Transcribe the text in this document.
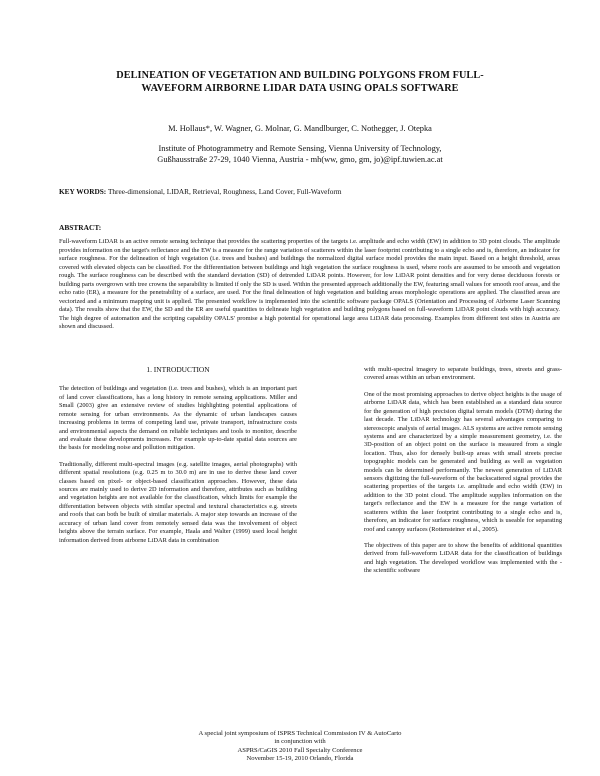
DELINEATION OF VEGETATION AND BUILDING POLYGONS FROM FULL-
WAVEFORM AIRBORNE LIDAR DATA USING OPALS SOFTWARE
M. Hollaus*, W. Wagner, G. Molnar, G. Mandlburger, C. Nothegger, J. Otepka
Institute of Photogrammetry and Remote Sensing, Vienna University of Technology,
Gußhausstraße 27-29, 1040 Vienna, Austria - mh(ww, gmo, gm, jo)@ipf.tuwien.ac.at
KEY WORDS: Three-dimensional, LIDAR, Retrieval, Roughness, Land Cover, Full-Waveform
ABSTRACT:
Full-waveform LiDAR is an active remote sensing technique that provides the scattering properties of the targets i.e. amplitude and echo width (EW) in addition to 3D point clouds. The amplitude provides information on the target's reflectance and the EW is a measure for the range variation of scatterers within the laser footprint contributing to a single echo and is, therefore, an indicator for surface roughness. For the delineation of high vegetation (i.e. trees and bushes) and buildings the normalized digital surface model provides the main input. Based on a height threshold, areas covered with elevated objects can be classified. For the differentiation between buildings and high vegetation the surface roughness is used, where roofs are assumed to be smooth and vegetation rough. The surface roughness can be described with the standard deviation (SD) of detrended LiDAR points. However, for low LiDAR point densities and for very dense deciduous forests or building parts overgrown with tree crowns the separability is limited if only the SD is used. Within the presented approach additionally the EW, featuring small values for smooth roof areas, and the echo ratio (ER), a measure for the penetrability of a surface, are used. For the final delineation of high vegetation and building areas morphologic operations are applied. The classified areas are vectorized and a minimum mapping unit is applied. The presented workflow is implemented into the scientific software package OPALS (Orientation and Processing of Airborne Laser Scanning data). The results show that the EW, the SD and the ER are useful quantities to delineate high vegetation and building polygons based on full-waveform LiDAR point clouds with high accuracy. The high degree of automation and the scripting capability OPALS' promise a high potential for operational large area LiDAR data processing. Examples from different test sites in Austria are shown and discussed.
1. INTRODUCTION

The detection of buildings and vegetation (i.e. trees and bushes), which is an important part of land cover classifications, has a long history in remote sensing applications. Miller and Small (2003) give an extensive review of studies highlighting potential applications of remote sensing for urban environments. As the dynamic of urban landscapes causes increasing problems in terms of competing land use, private transport, infrastructure costs and environmental aspects the demand on reliable techniques and tools to monitor, describe and evaluate these developments increases. For example up-to-date spatial data sources are the basis for modeling noise and pollution mitigation.

Traditionally, different multi-spectral images (e.g. satellite images, aerial photographs) with different spatial resolutions (e.g. 0.25 m to 30.0 m) are in use to derive these land cover classes based on pixel- or object-based classification approaches. However, these data sources are mainly used to derive 2D information and therefore, attributes such as building and vegetation heights are not available for the classification, which limits for example the differentiation between objects with similar spectral and textural characteristics e.g. streets and roofs that can both be built of similar materials. A major step towards an increase of the accuracy of urban land cover from remotely sensed data was the involvement of object heights above the terrain surface. For example, Haala and Walter (1999) used local height information derived from airborne LiDAR data in combination

with multi-spectral imagery to separate buildings, trees, streets and grass-covered areas within an urban environment.

One of the most promising approaches to derive object heights is the usage of airborne LiDAR data, which has been established as a standard data source for the generation of high precision digital terrain models (DTM) during the last decade. The LiDAR technology has several advantages comparing to stereoscopic analysis of aerial images. ALS systems are active remote sensing systems and are characterized by a simple measurement geometry, i.e. the 3D-position of an object point on the surface is measured from a single location. Thus, also for densely built-up areas with small streets precise topographic models can be generated and building as well as vegetation models can be determined performantly. The newest generation of LiDAR sensors digitizing the full-waveform of the backscattered signal provides the scattering properties of the targets i.e. amplitude and echo width (EW) in addition to the 3D point cloud. The amplitude supplies information on the target's reflectance and the EW is a measure for the range variation of scatterers within the laser footprint contributing to a single echo and is, therefore, an indicator for surface roughness, which is useable for separating roof and canopy surfaces (Rottensteiner et al., 2005).

The objectives of this paper are to show the benefits of additional quantities derived from full-waveform LiDAR data for the classification of buildings and high vegetation. The developed workflow was implemented with the - the scientific software

A special joint symposium of ISPRS Technical Commission IV & AutoCarto
in conjunction with
ASPRS/CaGIS 2010 Fall Specialty Conference
November 15-19, 2010 Orlando, Florida
